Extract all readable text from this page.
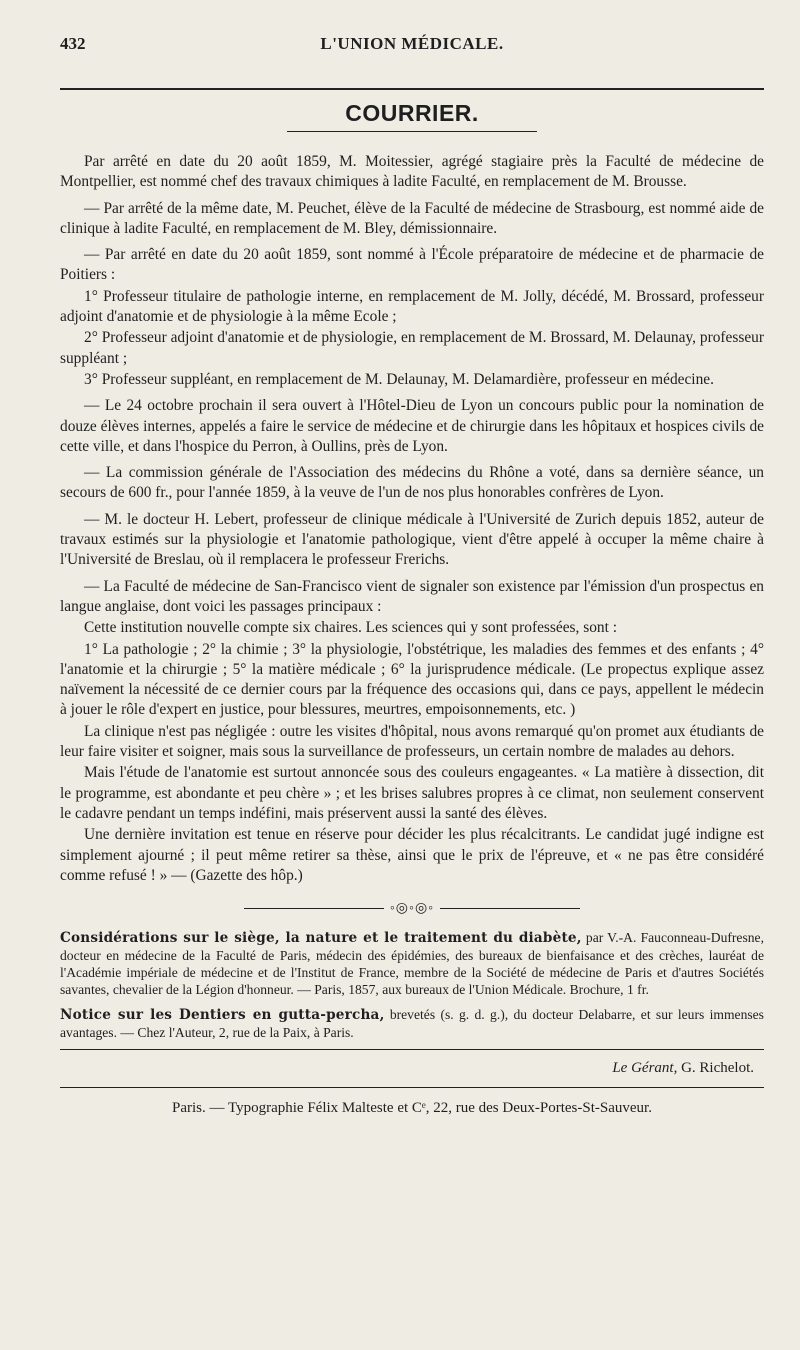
432	L'UNION MÉDICALE.
COURRIER.

Par arrêté en date du 20 août 1859, M. Moitessier, agrégé stagiaire près la Faculté de médecine de Montpellier, est nommé chef des travaux chimiques à ladite Faculté, en remplacement de M. Brousse.

— Par arrêté de la même date, M. Peuchet, élève de la Faculté de médecine de Strasbourg, est nommé aide de clinique à ladite Faculté, en remplacement de M. Bley, démissionnaire.

— Par arrêté en date du 20 août 1859, sont nommé à l'École préparatoire de médecine et de pharmacie de Poitiers :

1° Professeur titulaire de pathologie interne, en remplacement de M. Jolly, décédé, M. Brossard, professeur adjoint d'anatomie et de physiologie à la même Ecole ;

2° Professeur adjoint d'anatomie et de physiologie, en remplacement de M. Brossard, M. Delaunay, professeur suppléant ;

3° Professeur suppléant, en remplacement de M. Delaunay, M. Delamardière, professeur en médecine.

— Le 24 octobre prochain il sera ouvert à l'Hôtel-Dieu de Lyon un concours public pour la nomination de douze élèves internes, appelés a faire le service de médecine et de chirurgie dans les hôpitaux et hospices civils de cette ville, et dans l'hospice du Perron, à Oullins, près de Lyon.

— La commission générale de l'Association des médecins du Rhône a voté, dans sa dernière séance, un secours de 600 fr., pour l'année 1859, à la veuve de l'un de nos plus honorables confrères de Lyon.

— M. le docteur H. Lebert, professeur de clinique médicale à l'Université de Zurich depuis 1852, auteur de travaux estimés sur la physiologie et l'anatomie pathologique, vient d'être appelé à occuper la même chaire à l'Université de Breslau, où il remplacera le professeur Frerichs.

— La Faculté de médecine de San-Francisco vient de signaler son existence par l'émission d'un prospectus en langue anglaise, dont voici les passages principaux :

Cette institution nouvelle compte six chaires. Les sciences qui y sont professées, sont :

1° La pathologie ; 2° la chimie ; 3° la physiologie, l'obstétrique, les maladies des femmes et des enfants ; 4° l'anatomie et la chirurgie ; 5° la matière médicale ; 6° la jurisprudence médicale. (Le propectus explique assez naïvement la nécessité de ce dernier cours par la fréquence des occasions qui, dans ce pays, appellent le médecin à jouer le rôle d'expert en justice, pour blessures, meurtres, empoisonnements, etc. )

La clinique n'est pas négligée : outre les visites d'hôpital, nous avons remarqué qu'on promet aux étudiants de leur faire visiter et soigner, mais sous la surveillance de professeurs, un certain nombre de malades au dehors.

Mais l'étude de l'anatomie est surtout annoncée sous des couleurs engageantes. « La matière à dissection, dit le programme, est abondante et peu chère » ; et les brises salubres propres à ce climat, non seulement conservent le cadavre pendant un temps indéfini, mais préservent aussi la santé des élèves.

Une dernière invitation est tenue en réserve pour décider les plus récalcitrants. Le candidat jugé indigne est simplement ajourné ; il peut même retirer sa thèse, ainsi que le prix de l'épreuve, et « ne pas être considéré comme refusé ! » — (Gazette des hôp.)

◦◎◦◎◦

Considérations sur le siège, la nature et le traitement du diabète, par V.-A. Fauconneau-Dufresne, docteur en médecine de la Faculté de Paris, médecin des épidémies, des bureaux de bienfaisance et des crèches, lauréat de l'Académie impériale de médecine et de l'Institut de France, membre de la Société de médecine de Paris et d'autres Sociétés savantes, chevalier de la Légion d'honneur. — Paris, 1857, aux bureaux de l'Union Médicale. Brochure, 1 fr.

Notice sur les Dentiers en gutta-percha, brevetés (s. g. d. g.), du docteur Delabarre, et sur leurs immenses avantages. — Chez l'Auteur, 2, rue de la Paix, à Paris.

Le Gérant, G. Richelot.
Paris. — Typographie Félix Malteste et Cᵉ, 22, rue des Deux-Portes-St-Sauveur.
